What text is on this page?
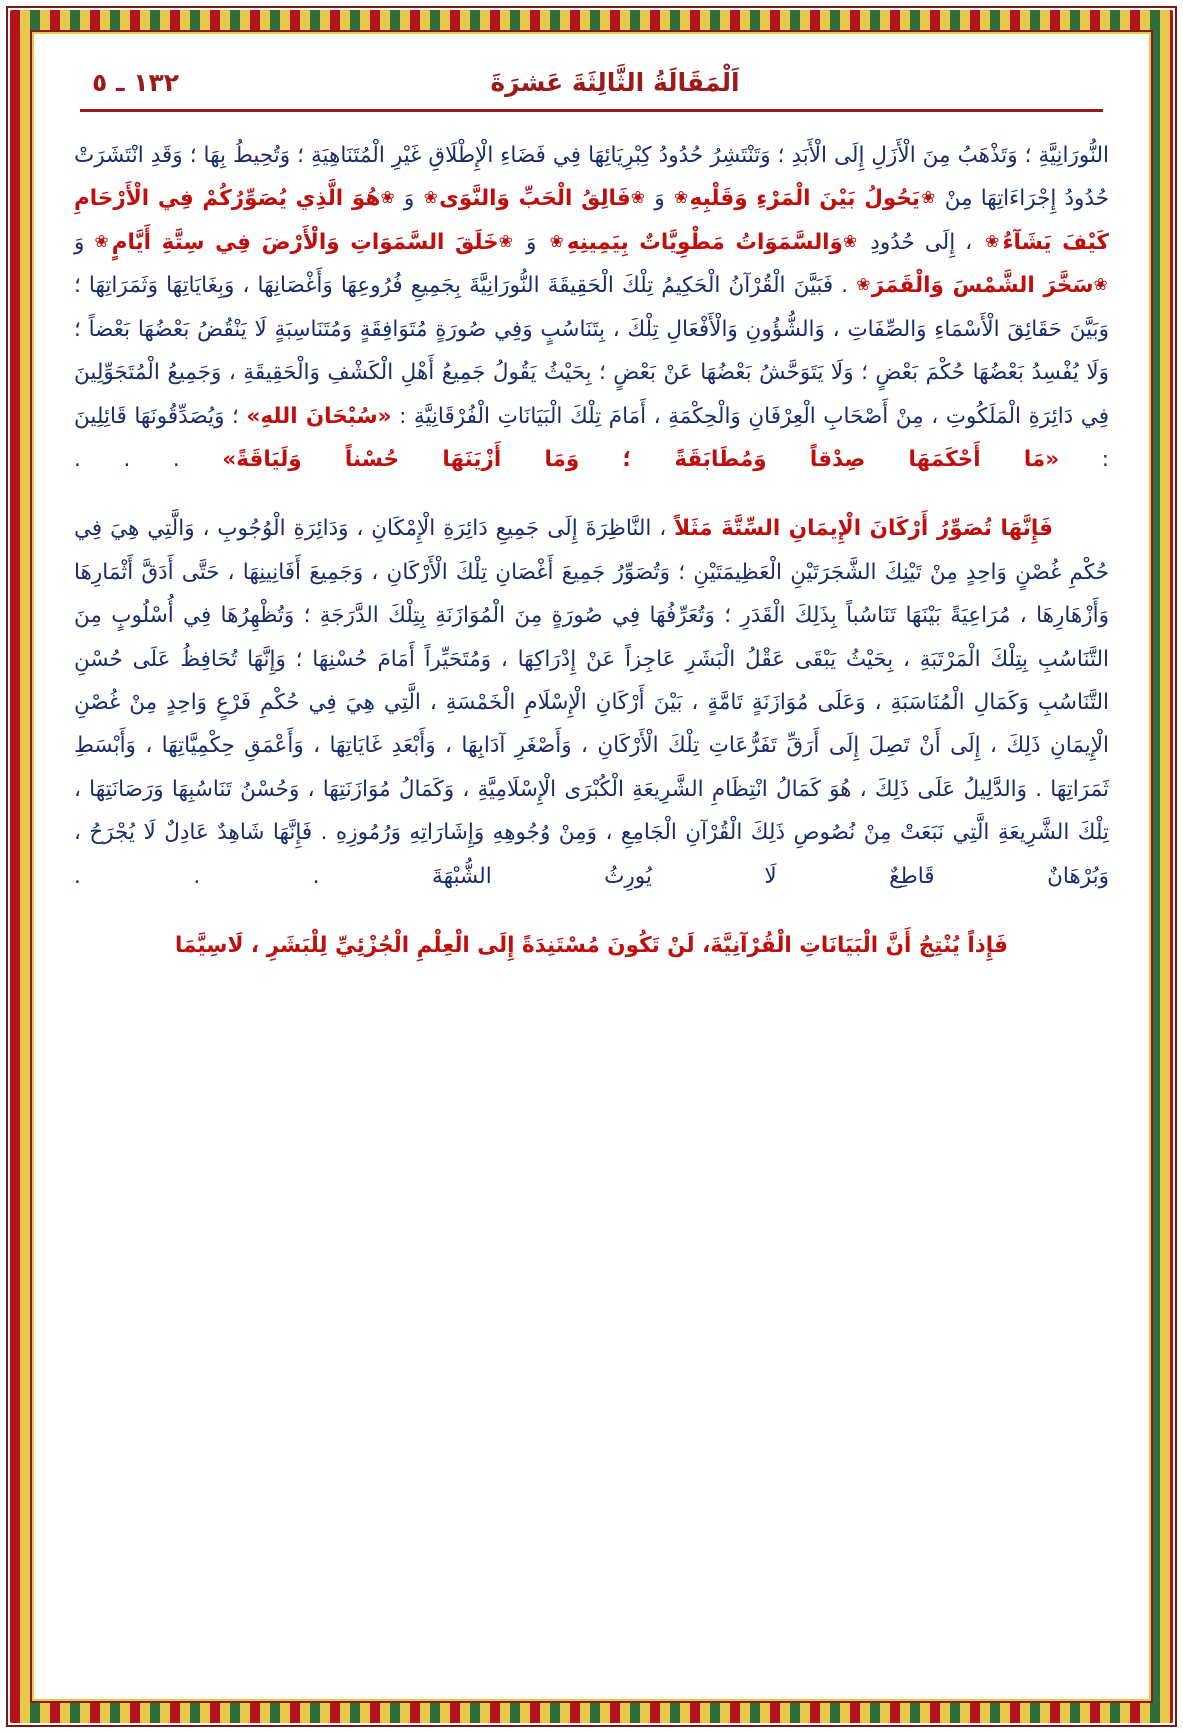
١٣٢ ـ ٥	اَلْمَقَالَةُ الثَّالِثَةَ عَشرَةَ

النُّورَانِيَّةِ ؛ وَتَذْهَبُ مِنَ الْأَزَلِ إِلَى الْأَبَدِ ؛ وَتَنْتَشِرُ حُدُودُ كِبْرِيَائِهَا فِي فَضَاءِ الْإِطْلَاقِ غَيْرِ الْمُتَنَاهِيَةِ ؛ وَتُحِيطُ بِهَا ؛ وَقَدِ انْتَشَرَتْ حُدُودُ إِجْرَاءَاتِهَا مِنْ ❀يَحُولُ بَيْنَ الْمَرْءِ وَقَلْبِهِ❀ وَ ❀فَالِقُ الْحَبِّ وَالنَّوَى❀ وَ ❀هُوَ الَّذِي يُصَوِّرُكُمْ فِي الْأَرْحَامِ كَيْفَ يَشَآءُ❀ ، إِلَى حُدُودِ ❀وَالسَّمَوَاتُ مَطْوِيَّاتٌ بِيَمِينِهِ❀ وَ ❀خَلَقَ السَّمَوَاتِ وَالْأَرْضَ فِي سِتَّةِ أَيَّامٍ❀ وَ ❀سَخَّرَ الشَّمْسَ وَالْقَمَرَ❀ . فَبَيَّنَ الْقُرْآنُ الْحَكِيمُ تِلْكَ الْحَقِيقَةَ النُّورَانِيَّةَ بِجَمِيعِ فُرُوعِهَا وَأَغْصَانِهَا ، وَبِغَايَاتِهَا وَثَمَرَاتِهَا ؛ وَبَيَّنَ حَقَائِقَ الْأَسْمَاءِ وَالصِّفَاتِ ، وَالشُّؤُونِ وَالْأَفْعَالِ تِلْكَ ، بِتَنَاسُبٍ وَفِي صُورَةٍ مُتَوَافِقَةٍ وَمُتَنَاسِبَةٍ لَا يَنْقُضُ بَعْضُهَا بَعْضاً ؛ وَلَا يُفْسِدُ بَعْضُهَا حُكْمَ بَعْضٍ ؛ وَلَا يَتَوَحَّشُ بَعْضُهَا عَنْ بَعْضٍ ؛ بِحَيْثُ يَقُولُ جَمِيعُ أَهْلِ الْكَشْفِ وَالْحَقِيقَةِ ، وَجَمِيعُ الْمُتَجَوِّلِينَ فِي دَائِرَةِ الْمَلَكُوتِ ، مِنْ أَصْحَابِ الْعِرْفَانِ وَالْحِكْمَةِ ، أَمَامَ تِلْكَ الْبَيَانَاتِ الْفُرْقَانِيَّةِ : «سُبْحَانَ اللهِ» ؛ وَيُصَدِّقُونَهَا قَائِلِينَ : «مَا أَحْكَمَهَا صِدْقاً وَمُطَابَقَةً ؛ وَمَا أَزْيَنَهَا حُسْناً وَلَيَاقَةً» . . .

فَإِنَّهَا تُصَوِّرُ أَرْكَانَ الْإِيمَانِ السِّتَّةَ مَثَلاً ، النَّاظِرَةَ إِلَى جَمِيعِ دَائِرَةِ الْإِمْكَانِ ، وَدَائِرَةِ الْوُجُوبِ ، وَالَّتِي هِيَ فِي حُكْمِ غُصْنٍ وَاحِدٍ مِنْ تَيْنِكَ الشَّجَرَتَيْنِ الْعَظِيمَتَيْنِ ؛ وَتُصَوِّرُ جَمِيعَ أَغْصَانِ تِلْكَ الْأَرْكَانِ ، وَجَمِيعَ أَفَانِينِهَا ، حَتَّى أَدَقَّ أَثْمَارِهَا وَأَزْهَارِهَا ، مُرَاعِيَةً بَيْنَهَا تَنَاسُباً بِذَلِكَ الْقَدَرِ ؛ وَتُعَرِّفُهَا فِي صُورَةٍ مِنَ الْمُوَازَنَةِ بِتِلْكَ الدَّرَجَةِ ؛ وَتُظْهِرُهَا فِي أُسْلُوبٍ مِنَ التَّنَاسُبِ بِتِلْكَ الْمَرْتَبَةِ ، بِحَيْثُ يَبْقَى عَقْلُ الْبَشَرِ عَاجِزاً عَنْ إِدْرَاكِهَا ، وَمُتَحَيِّراً أَمَامَ حُسْنِهَا ؛ وَإِنَّهَا تُحَافِظُ عَلَى حُسْنِ التَّنَاسُبِ وَكَمَالِ الْمُنَاسَبَةِ ، وَعَلَى مُوَازَنَةٍ تَامَّةٍ ، بَيْنَ أَرْكَانِ الْإِسْلَامِ الْخَمْسَةِ ، الَّتِي هِيَ فِي حُكْمِ فَرْعٍ وَاحِدٍ مِنْ غُصْنِ الْإِيمَانِ ذَلِكَ ، إِلَى أَنْ تَصِلَ إِلَى أَرَقِّ تَفَرُّعَاتِ تِلْكَ الْأَرْكَانِ ، وَأَصْغَرِ آدَابِهَا ، وَأَبْعَدِ غَايَاتِهَا ، وَأَعْمَقِ حِكْمِيَّاتِهَا ، وَأَبْسَطِ ثَمَرَاتِهَا . وَالدَّلِيلُ عَلَى ذَلِكَ ، هُوَ كَمَالُ انْتِظَامِ الشَّرِيعَةِ الْكُبْرَى الْإِسْلَامِيَّةِ ، وَكَمَالُ مُوَازَنَتِهَا ، وَحُسْنُ تَنَاسُبِهَا وَرَصَانَتِهَا ، تِلْكَ الشَّرِيعَةِ الَّتِي نَبَعَتْ مِنْ نُصُوصِ ذَلِكَ الْقُرْآنِ الْجَامِعِ ، وَمِنْ وُجُوهِهِ وَإِشَارَاتِهِ وَرُمُوزِهِ . فَإِنَّهَا شَاهِدٌ عَادِلٌ لَا يُجْرَحُ ، وَبُرْهَانٌ قَاطِعٌ لَا يُورِثُ الشُّبْهَةَ . . .

فَإِذاً يُنْتِجُ أَنَّ الْبَيَانَاتِ الْقُرْآنِيَّةَ، لَنْ تَكُونَ مُسْتَنِدَةً إِلَى الْعِلْمِ الْجُزْئِيِّ لِلْبَشَرِ ، لَاسِيَّمَا
